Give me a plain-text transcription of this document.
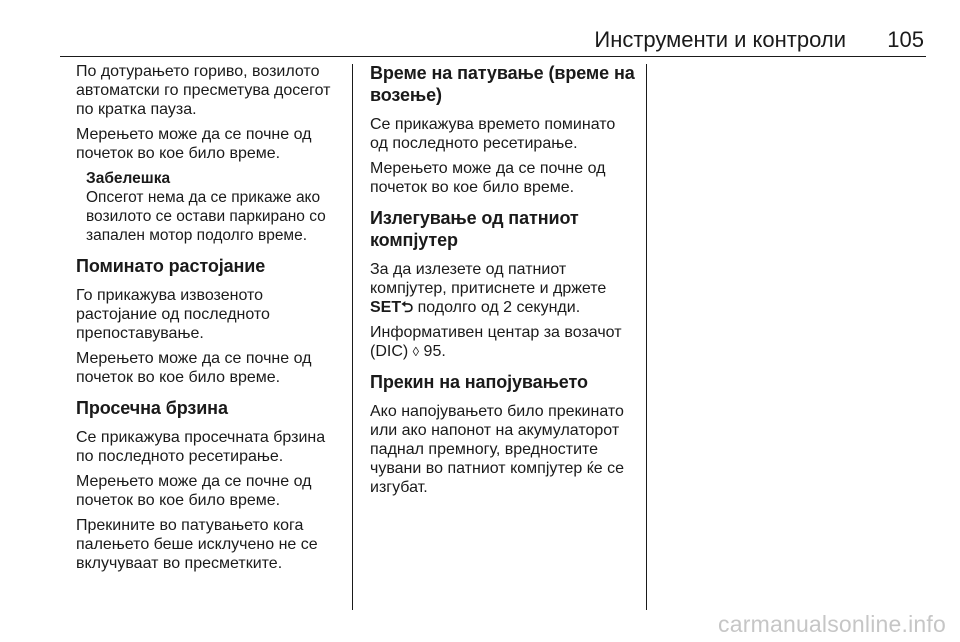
Инструменти и контроли 105

По дотурањето гориво, возилото
автоматски го пресметува досегот
по кратка пауза.

Мерењето може да се почне од
почеток во кое било време.

Забелешка
Опсегот нема да се прикаже ако
возилото се остави паркирано со
запален мотор подолго време.
Поминато растојание

Го прикажува извозеното
растојание од последното
препоставување.

Мерењето може да се почне од
почеток во кое било време.

Просечна брзина

Се прикажува просечната брзина
по последното ресетирање.

Мерењето може да се почне од
почеток во кое било време.

Прекините во патувањето кога
палењето беше исклучено не се
вклучуваат во пресметките.

Време на патување (време на
возење)

Се прикажува времето поминато
од последното ресетирање.

Мерењето може да се почне од
почеток во кое било време.

Излегување од патниот
компјутер

За да излезете од патниот
компјутер, притиснете и држете
SET⮌ подолго од 2 секунди.

Информативен центар за возачот
(DIC) ◊ 95.

Прекин на напојувањето

Ако напојувањето било прекинато
или ако напонот на акумулаторот
паднал премногу, вредностите
чувани во патниот компјутер ќе се
изгубат.

carmanualsonline.info
